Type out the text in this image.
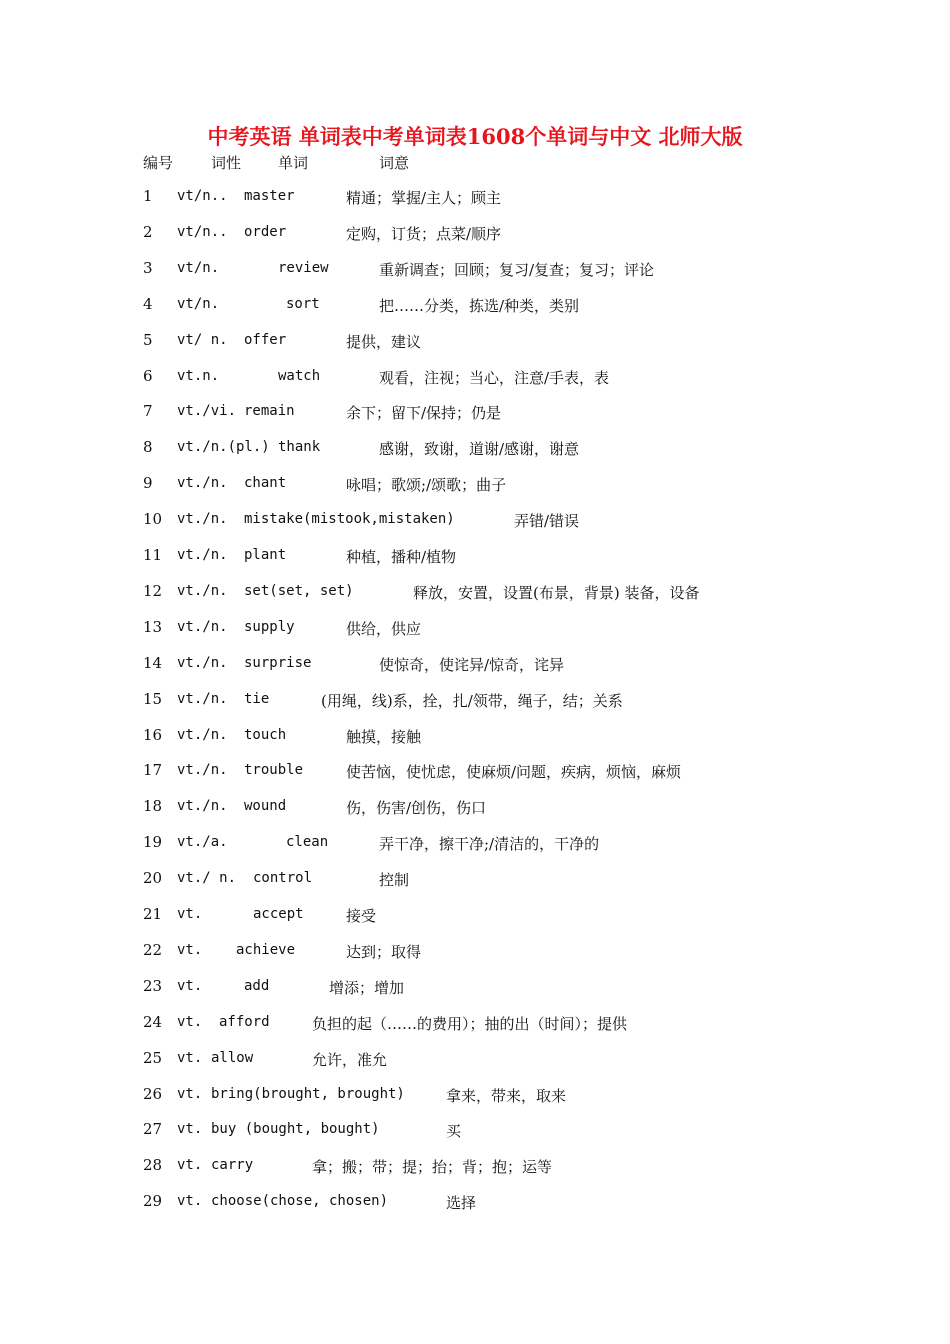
中考英语 单词表中考单词表1608个单词与中文 北师大版
编号	词性 单词	词意
1 vt/n.. master	精通；掌握/主人；顾主
2 vt/n.. order	定购，订货；点菜/顺序
3 vt/n.	review	重新调查；回顾；复习/复查；复习；评论
4 vt/n.	sort	把……分类，拣选/种类，类别
5 vt/ n. offer	提供，建议
6 vt.n.	watch	观看，注视；当心，注意/手表，表
7 vt./vi. remain	余下；留下/保持；仍是
8 vt./n.(pl.) thank	感谢，致谢，道谢/感谢，谢意
9 vt./n. chant	咏唱；歌颂;/颂歌；曲子
10 vt./n. mistake(mistook,mistaken)	弄错/错误
11 vt./n. plant	种植，播种/植物
12 vt./n. set(set, set)	释放，安置，设置(布景，背景) 装备，设备
13 vt./n. supply	供给，供应
14 vt./n. surprise	使惊奇，使诧异/惊奇，诧异
15 vt./n. tie	(用绳，线)系，拴，扎/领带，绳子，结；关系
16 vt./n. touch	触摸，接触
17 vt./n. trouble	使苦恼，使忧虑，使麻烦/问题，疾病，烦恼，麻烦
18 vt./n. wound	伤，伤害/创伤，伤口
19 vt./a.	clean	弄干净，擦干净;/清洁的，干净的
20 vt./ n. control	控制
21 vt.	accept	接受
22 vt. achieve	达到；取得
23 vt.	add	增添；增加
24 vt. afford	负担的起（……的费用）；抽的出（时间）；提供
25 vt. allow	允许，准允
26 vt. bring(brought, brought)	拿来，带来，取来
27 vt. buy (bought, bought)	买
28 vt. carry	拿；搬；带；提；抬；背；抱；运等
29 vt. choose(chose, chosen)	选择
